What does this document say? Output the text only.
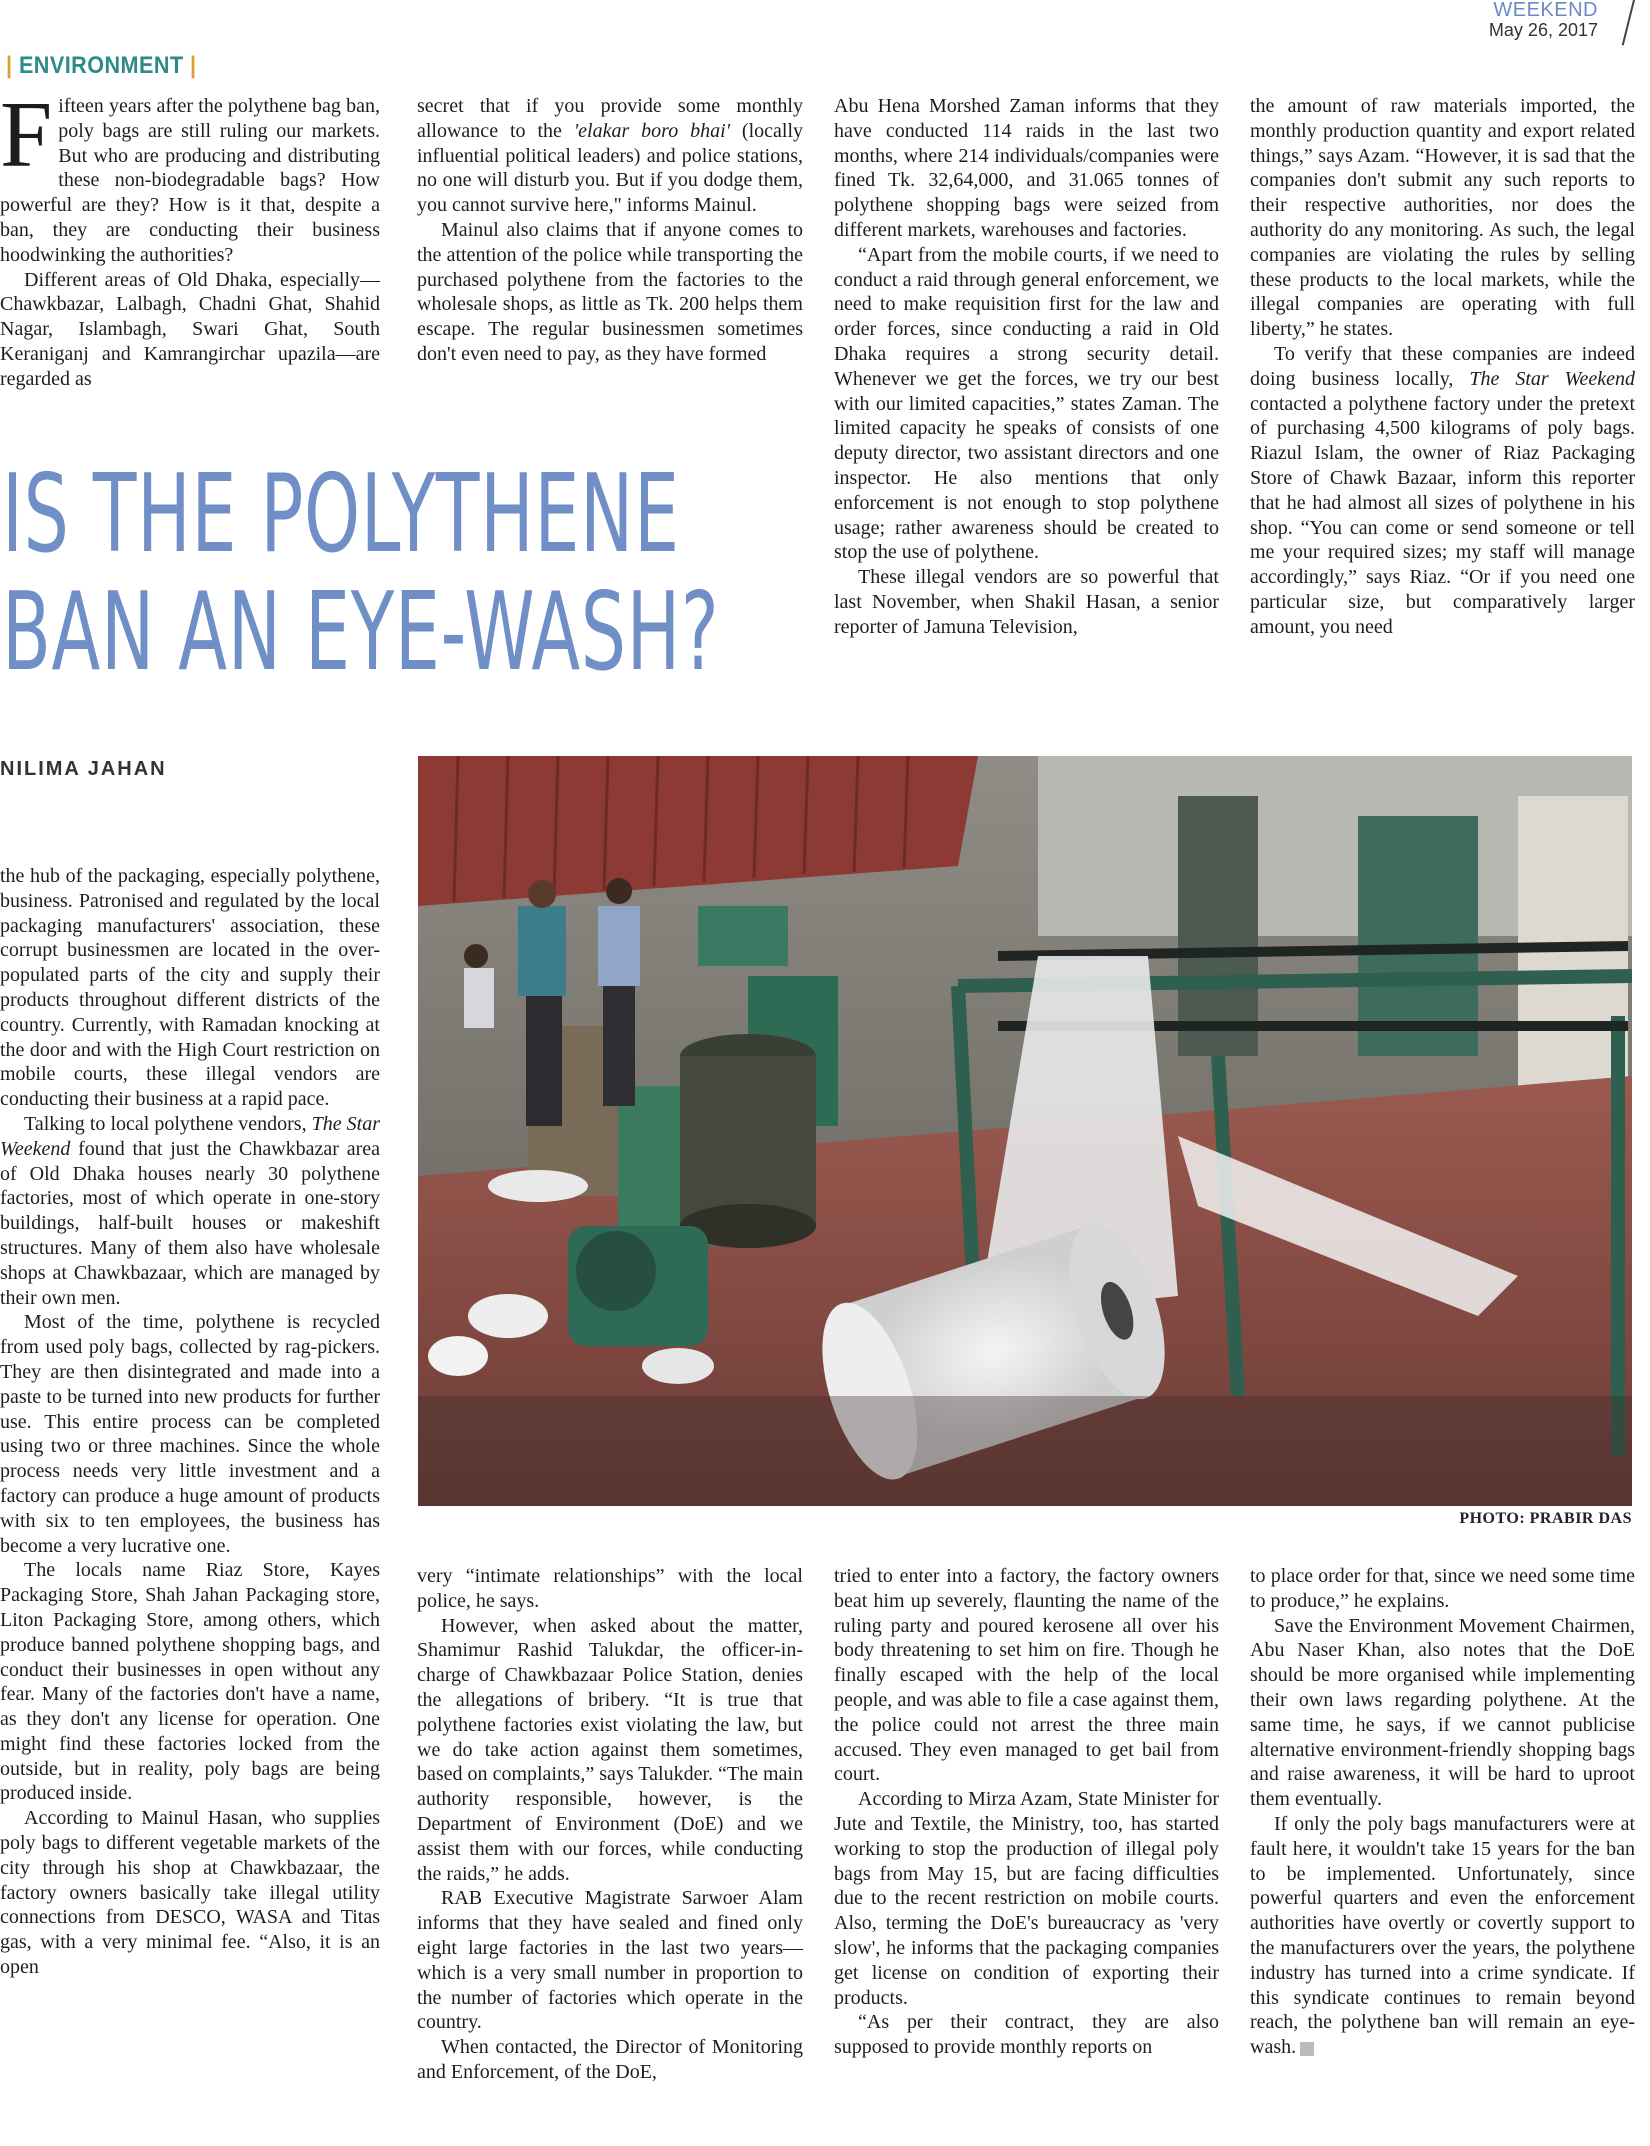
WEEKEND
May 26, 2017
| ENVIRONMENT |

Fifteen years after the polythene bag ban, poly bags are still ruling our markets. But who are producing and distributing these non-biodegradable bags? How powerful are they? How is it that, despite a ban, they are conducting their business hoodwinking the authorities?

Different areas of Old Dhaka, especially—Chawkbazar, Lalbagh, Chadni Ghat, Shahid Nagar, Islambagh, Swari Ghat, South Keraniganj and Kamrangirchar upazila—are regarded as

secret that if you provide some monthly allowance to the 'elakar boro bhai' (locally influential political leaders) and police stations, no one will disturb you. But if you dodge them, you cannot survive here," informs Mainul.

Mainul also claims that if anyone comes to the attention of the police while transporting the purchased polythene from the factories to the wholesale shops, as little as Tk. 200 helps them escape. The regular businessmen sometimes don't even need to pay, as they have formed

Abu Hena Morshed Zaman informs that they have conducted 114 raids in the last two months, where 214 individuals/companies were fined Tk. 32,64,000, and 31.065 tonnes of polythene shopping bags were seized from different markets, warehouses and factories.

“Apart from the mobile courts, if we need to conduct a raid through general enforcement, we need to make requisition first for the law and order forces, since conducting a raid in Old Dhaka requires a strong security detail. Whenever we get the forces, we try our best with our limited capacities,” states Zaman. The limited capacity he speaks of consists of one deputy director, two assistant directors and one inspector. He also mentions that only enforcement is not enough to stop polythene usage; rather awareness should be created to stop the use of polythene.

These illegal vendors are so powerful that last November, when Shakil Hasan, a senior reporter of Jamuna Television,

the amount of raw materials imported, the monthly production quantity and export related things,” says Azam. “However, it is sad that the companies don't submit any such reports to their respective authorities, nor does the authority do any monitoring. As such, the legal companies are violating the rules by selling these products to the local markets, while the illegal companies are operating with full liberty,” he states.

To verify that these companies are indeed doing business locally, The Star Weekend contacted a polythene factory under the pretext of purchasing 4,500 kilograms of poly bags. Riazul Islam, the owner of Riaz Packaging Store of Chawk Bazaar, inform this reporter that he had almost all sizes of polythene in his shop. “You can come or send someone or tell me your required sizes; my staff will manage accordingly,” says Riaz. “Or if you need one particular size, but comparatively larger amount, you need

IS THE POLYTHENE
BAN AN EYE-WASH?
NILIMA JAHAN
PHOTO: PRABIR DAS

the hub of the packaging, especially polythene, business. Patronised and regulated by the local packaging manufacturers' association, these corrupt businessmen are located in the over-populated parts of the city and supply their products throughout different districts of the country. Currently, with Ramadan knocking at the door and with the High Court restriction on mobile courts, these illegal vendors are conducting their business at a rapid pace.

Talking to local polythene vendors, The Star Weekend found that just the Chawkbazar area of Old Dhaka houses nearly 30 polythene factories, most of which operate in one-story buildings, half-built houses or makeshift structures. Many of them also have wholesale shops at Chawkbazaar, which are managed by their own men.

Most of the time, polythene is recycled from used poly bags, collected by rag-pickers. They are then disintegrated and made into a paste to be turned into new products for further use. This entire process can be completed using two or three machines. Since the whole process needs very little investment and a factory can produce a huge amount of products with six to ten employees, the business has become a very lucrative one.

The locals name Riaz Store, Kayes Packaging Store, Shah Jahan Packaging store, Liton Packaging Store, among others, which produce banned polythene shopping bags, and conduct their businesses in open without any fear. Many of the factories don't have a name, as they don't any license for operation. One might find these factories locked from the outside, but in reality, poly bags are being produced inside.

According to Mainul Hasan, who supplies poly bags to different vegetable markets of the city through his shop at Chawkbazaar, the factory owners basically take illegal utility connections from DESCO, WASA and Titas gas, with a very minimal fee. “Also, it is an open

very “intimate relationships” with the local police, he says.

However, when asked about the matter, Shamimur Rashid Talukdar, the officer-in-charge of Chawkbazaar Police Station, denies the allegations of bribery. “It is true that polythene factories exist violating the law, but we do take action against them sometimes, based on complaints,” says Talukder. “The main authority responsible, however, is the Department of Environment (DoE) and we assist them with our forces, while conducting the raids,” he adds.

RAB Executive Magistrate Sarwoer Alam informs that they have sealed and fined only eight large factories in the last two years—which is a very small number in proportion to the number of factories which operate in the country.

When contacted, the Director of Monitoring and Enforcement, of the DoE,

tried to enter into a factory, the factory owners beat him up severely, flaunting the name of the ruling party and poured kerosene all over his body threatening to set him on fire. Though he finally escaped with the help of the local people, and was able to file a case against them, the police could not arrest the three main accused. They even managed to get bail from court.

According to Mirza Azam, State Minister for Jute and Textile, the Ministry, too, has started working to stop the production of illegal poly bags from May 15, but are facing difficulties due to the recent restriction on mobile courts. Also, terming the DoE's bureaucracy as 'very slow', he informs that the packaging companies get license on condition of exporting their products.

“As per their contract, they are also supposed to provide monthly reports on

to place order for that, since we need some time to produce,” he explains.

Save the Environment Movement Chairmen, Abu Naser Khan, also notes that the DoE should be more organised while implementing their own laws regarding polythene. At the same time, he says, if we cannot publicise alternative environment-friendly shopping bags and raise awareness, it will be hard to uproot them eventually.

If only the poly bags manufacturers were at fault here, it wouldn't take 15 years for the ban to be implemented. Unfortunately, since powerful quarters and even the enforcement authorities have overtly or covertly support to the manufacturers over the years, the polythene industry has turned into a crime syndicate. If this syndicate continues to remain beyond reach, the polythene ban will remain an eye-wash.
